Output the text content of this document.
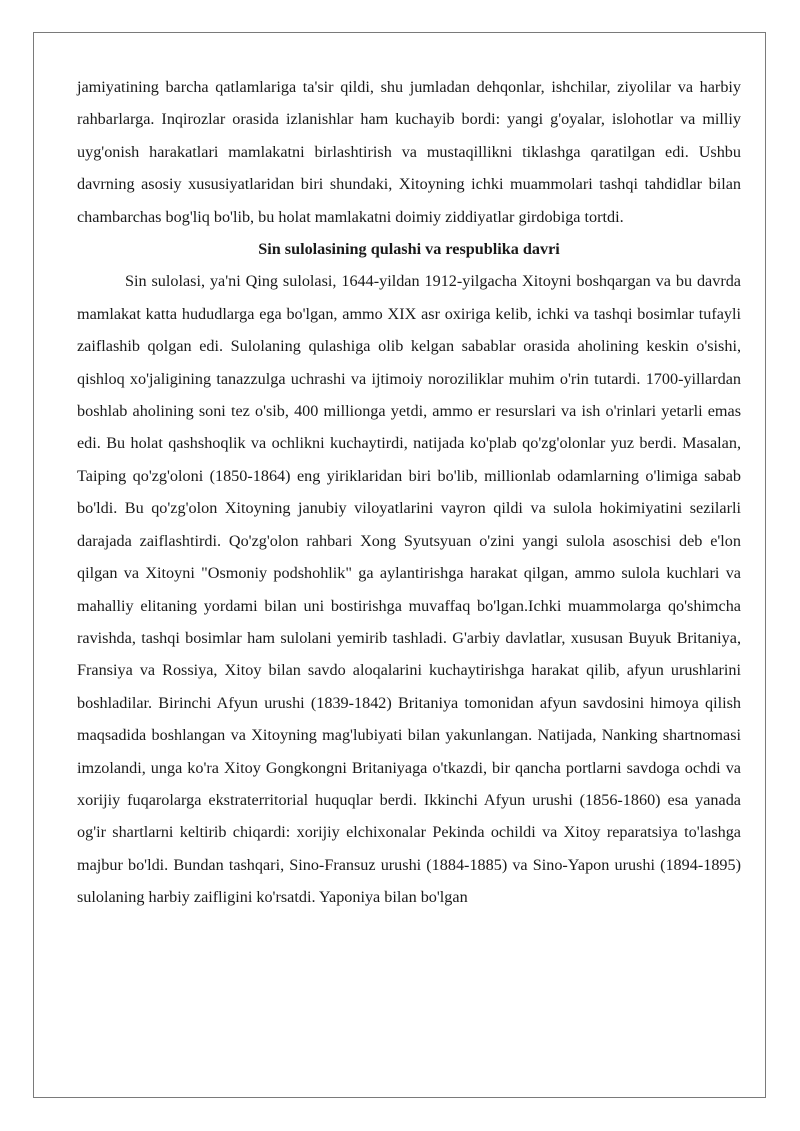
jamiyatining barcha qatlamlariga ta'sir qildi, shu jumladan dehqonlar, ishchilar, ziyolilar va harbiy rahbarlarga. Inqirozlar orasida izlanishlar ham kuchayib bordi: yangi g'oyalar, islohotlar va milliy uyg'onish harakatlari mamlakatni birlashtirish va mustaqillikni tiklashga qaratilgan edi. Ushbu davrning asosiy xususiyatlaridan biri shundaki, Xitoyning ichki muammolari tashqi tahdidlar bilan chambarchas bog'liq bo'lib, bu holat mamlakatni doimiy ziddiyatlar girdobiga tortdi.

Sin sulolasining qulashi va respublika davri

Sin sulolasi, ya'ni Qing sulolasi, 1644-yildan 1912-yilgacha Xitoyni boshqargan va bu davrda mamlakat katta hududlarga ega bo'lgan, ammo XIX asr oxiriga kelib, ichki va tashqi bosimlar tufayli zaiflashib qolgan edi. Sulolaning qulashiga olib kelgan sabablar orasida aholining keskin o'sishi, qishloq xo'jaligining tanazzulga uchrashi va ijtimoiy noroziliklar muhim o'rin tutardi. 1700-yillardan boshlab aholining soni tez o'sib, 400 millionga yetdi, ammo er resurslari va ish o'rinlari yetarli emas edi. Bu holat qashshoqlik va ochlikni kuchaytirdi, natijada ko'plab qo'zg'olonlar yuz berdi. Masalan, Taiping qo'zg'oloni (1850-1864) eng yiriklaridan biri bo'lib, millionlab odamlarning o'limiga sabab bo'ldi. Bu qo'zg'olon Xitoyning janubiy viloyatlarini vayron qildi va sulola hokimiyatini sezilarli darajada zaiflashtirdi. Qo'zg'olon rahbari Xong Syutsyuan o'zini yangi sulola asoschisi deb e'lon qilgan va Xitoyni "Osmoniy podshohlik" ga aylantirishga harakat qilgan, ammo sulola kuchlari va mahalliy elitaning yordami bilan uni bostirishga muvaffaq bo'lgan.Ichki muammolarga qo'shimcha ravishda, tashqi bosimlar ham sulolani yemirib tashladi. G'arbiy davlatlar, xususan Buyuk Britaniya, Fransiya va Rossiya, Xitoy bilan savdo aloqalarini kuchaytirishga harakat qilib, afyun urushlarini boshladilar. Birinchi Afyun urushi (1839-1842) Britaniya tomonidan afyun savdosini himoya qilish maqsadida boshlangan va Xitoyning mag'lubiyati bilan yakunlangan. Natijada, Nanking shartnomasi imzolandi, unga ko'ra Xitoy Gongkongni Britaniyaga o'tkazdi, bir qancha portlarni savdoga ochdi va xorijiy fuqarolarga ekstraterritorial huquqlar berdi. Ikkinchi Afyun urushi (1856-1860) esa yanada og'ir shartlarni keltirib chiqardi: xorijiy elchixonalar Pekinda ochildi va Xitoy reparatsiya to'lashga majbur bo'ldi. Bundan tashqari, Sino-Fransuz urushi (1884-1885) va Sino-Yapon urushi (1894-1895) sulolaning harbiy zaifligini ko'rsatdi. Yaponiya bilan bo'lgan
